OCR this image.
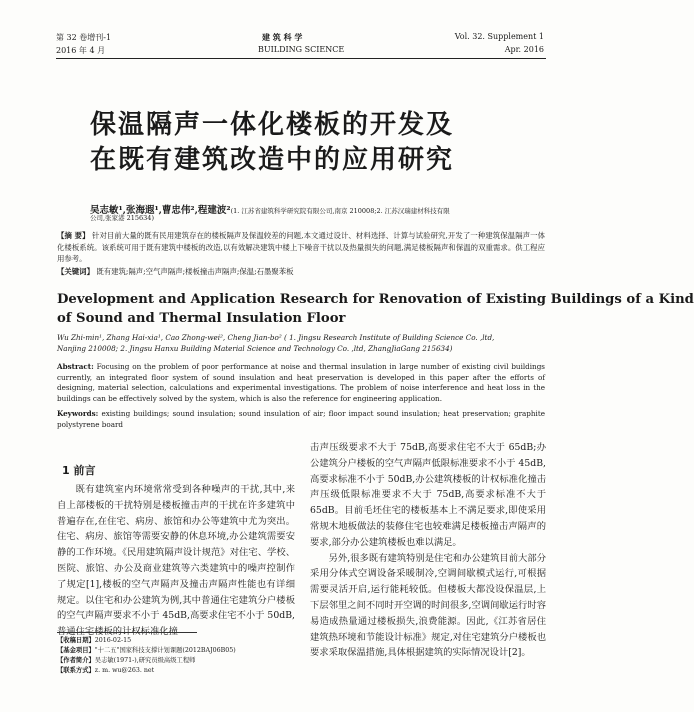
第 32 卷增刊-1
2016 年 4 月
建 筑 科 学
BUILDING SCIENCE
Vol. 32. Supplement 1
Apr. 2016
保温隔声一体化楼板的开发及
在既有建筑改造中的应用研究
吴志敏¹,张海遐¹,曹忠伟²,程建波²(1. 江苏省建筑科学研究院有限公司,南京 210008;2. 江苏汉瑞建材科技有限
公司,张家港 215634)
【摘 要】 针对目前大量的既有民用建筑存在的楼板隔声及保温较差的问题,本文通过设计、材料选择、计算与试验研究,开发了一种建筑保温隔声一体化楼板系统。该系统可用于既有建筑中楼板的改造,以有效解决建筑中楼上下噪音干扰以及热量损失的问题,满足楼板隔声和保温的双重需求。供工程应用参考。
【关键词】 既有建筑;隔声;空气声隔声;楼板撞击声隔声;保温;石墨聚苯板
Development and Application Research for Renovation of Existing Buildings of a Kind
of Sound and Thermal Insulation Floor
Wu Zhi-min¹, Zhang Hai-xia¹, Cao Zhong-wei², Cheng Jian-bo² ( 1. Jingsu Research Institute of Building Science Co. ,ltd,
Nanjing 210008; 2. Jingsu Hanxu Building Material Science and Technology Co. ,ltd, ZhangJiaGang 215634)
Abstract: Focusing on the problem of poor performance at noise and thermal insulation in large number of existing civil buildings currently, an integrated floor system of sound insulation and heat preservation is developed in this paper after the efforts of designing, material selection, calculations and experimental investigations. The problem of noise interference and heat loss in the buildings can be effectively solved by the system, which is also the reference for engineering application.
Keywords: existing buildings; sound insulation; sound insulation of air; floor impact sound insulation; heat preservation; graphite polystyrene board
1 前言

既有建筑室内环境常常受到各种噪声的干扰,其中,来自上部楼板的干扰特别是楼板撞击声的干扰在许多建筑中普遍存在,在住宅、病房、旅馆和办公等建筑中尤为突出。住宅、病房、旅馆等需要安静的休息环境,办公建筑需要安静的工作环境。《民用建筑隔声设计规范》对住宅、学校、医院、旅馆、办公及商业建筑等六类建筑中的噪声控制作了规定[1],楼板的空气声隔声及撞击声隔声性能也有详细规定。以住宅和办公建筑为例,其中普通住宅建筑分户楼板的空气声隔声要求不小于 45dB,高要求住宅不小于 50dB,普通住宅楼板的计权标准化撞

【收稿日期】2016-02-15
【基金项目】"十二五"国家科技支撑计划课题(2012BAJ06B05)
【作者简介】吴志敏(1971-),研究员级高级工程师
【联系方式】z. m. wu@263. net

击声压级要求不大于 75dB,高要求住宅不大于 65dB;办公建筑分户楼板的空气声隔声低限标准要求不小于 45dB,高要求标准不小于 50dB,办公建筑楼板的计权标准化撞击声压级低限标准要求不大于 75dB,高要求标准不大于 65dB。目前毛坯住宅的楼板基本上不满足要求,即使采用常规木地板做法的装修住宅也较难满足楼板撞击声隔声的要求,部分办公建筑楼板也难以满足。

另外,很多既有建筑特别是住宅和办公建筑目前大部分采用分体式空调设备采暖制冷,空调间歇模式运行,可根据需要灵活开启,运行能耗较低。但楼板大都没设保温层,上下层邻里之间不同时开空调的时间很多,空调间歇运行时容易造成热量通过楼板损失,浪费能源。因此,《江苏省居住建筑热环境和节能设计标准》规定,对住宅建筑分户楼板也要求采取保温措施,具体根据建筑的实际情况设计[2]。
